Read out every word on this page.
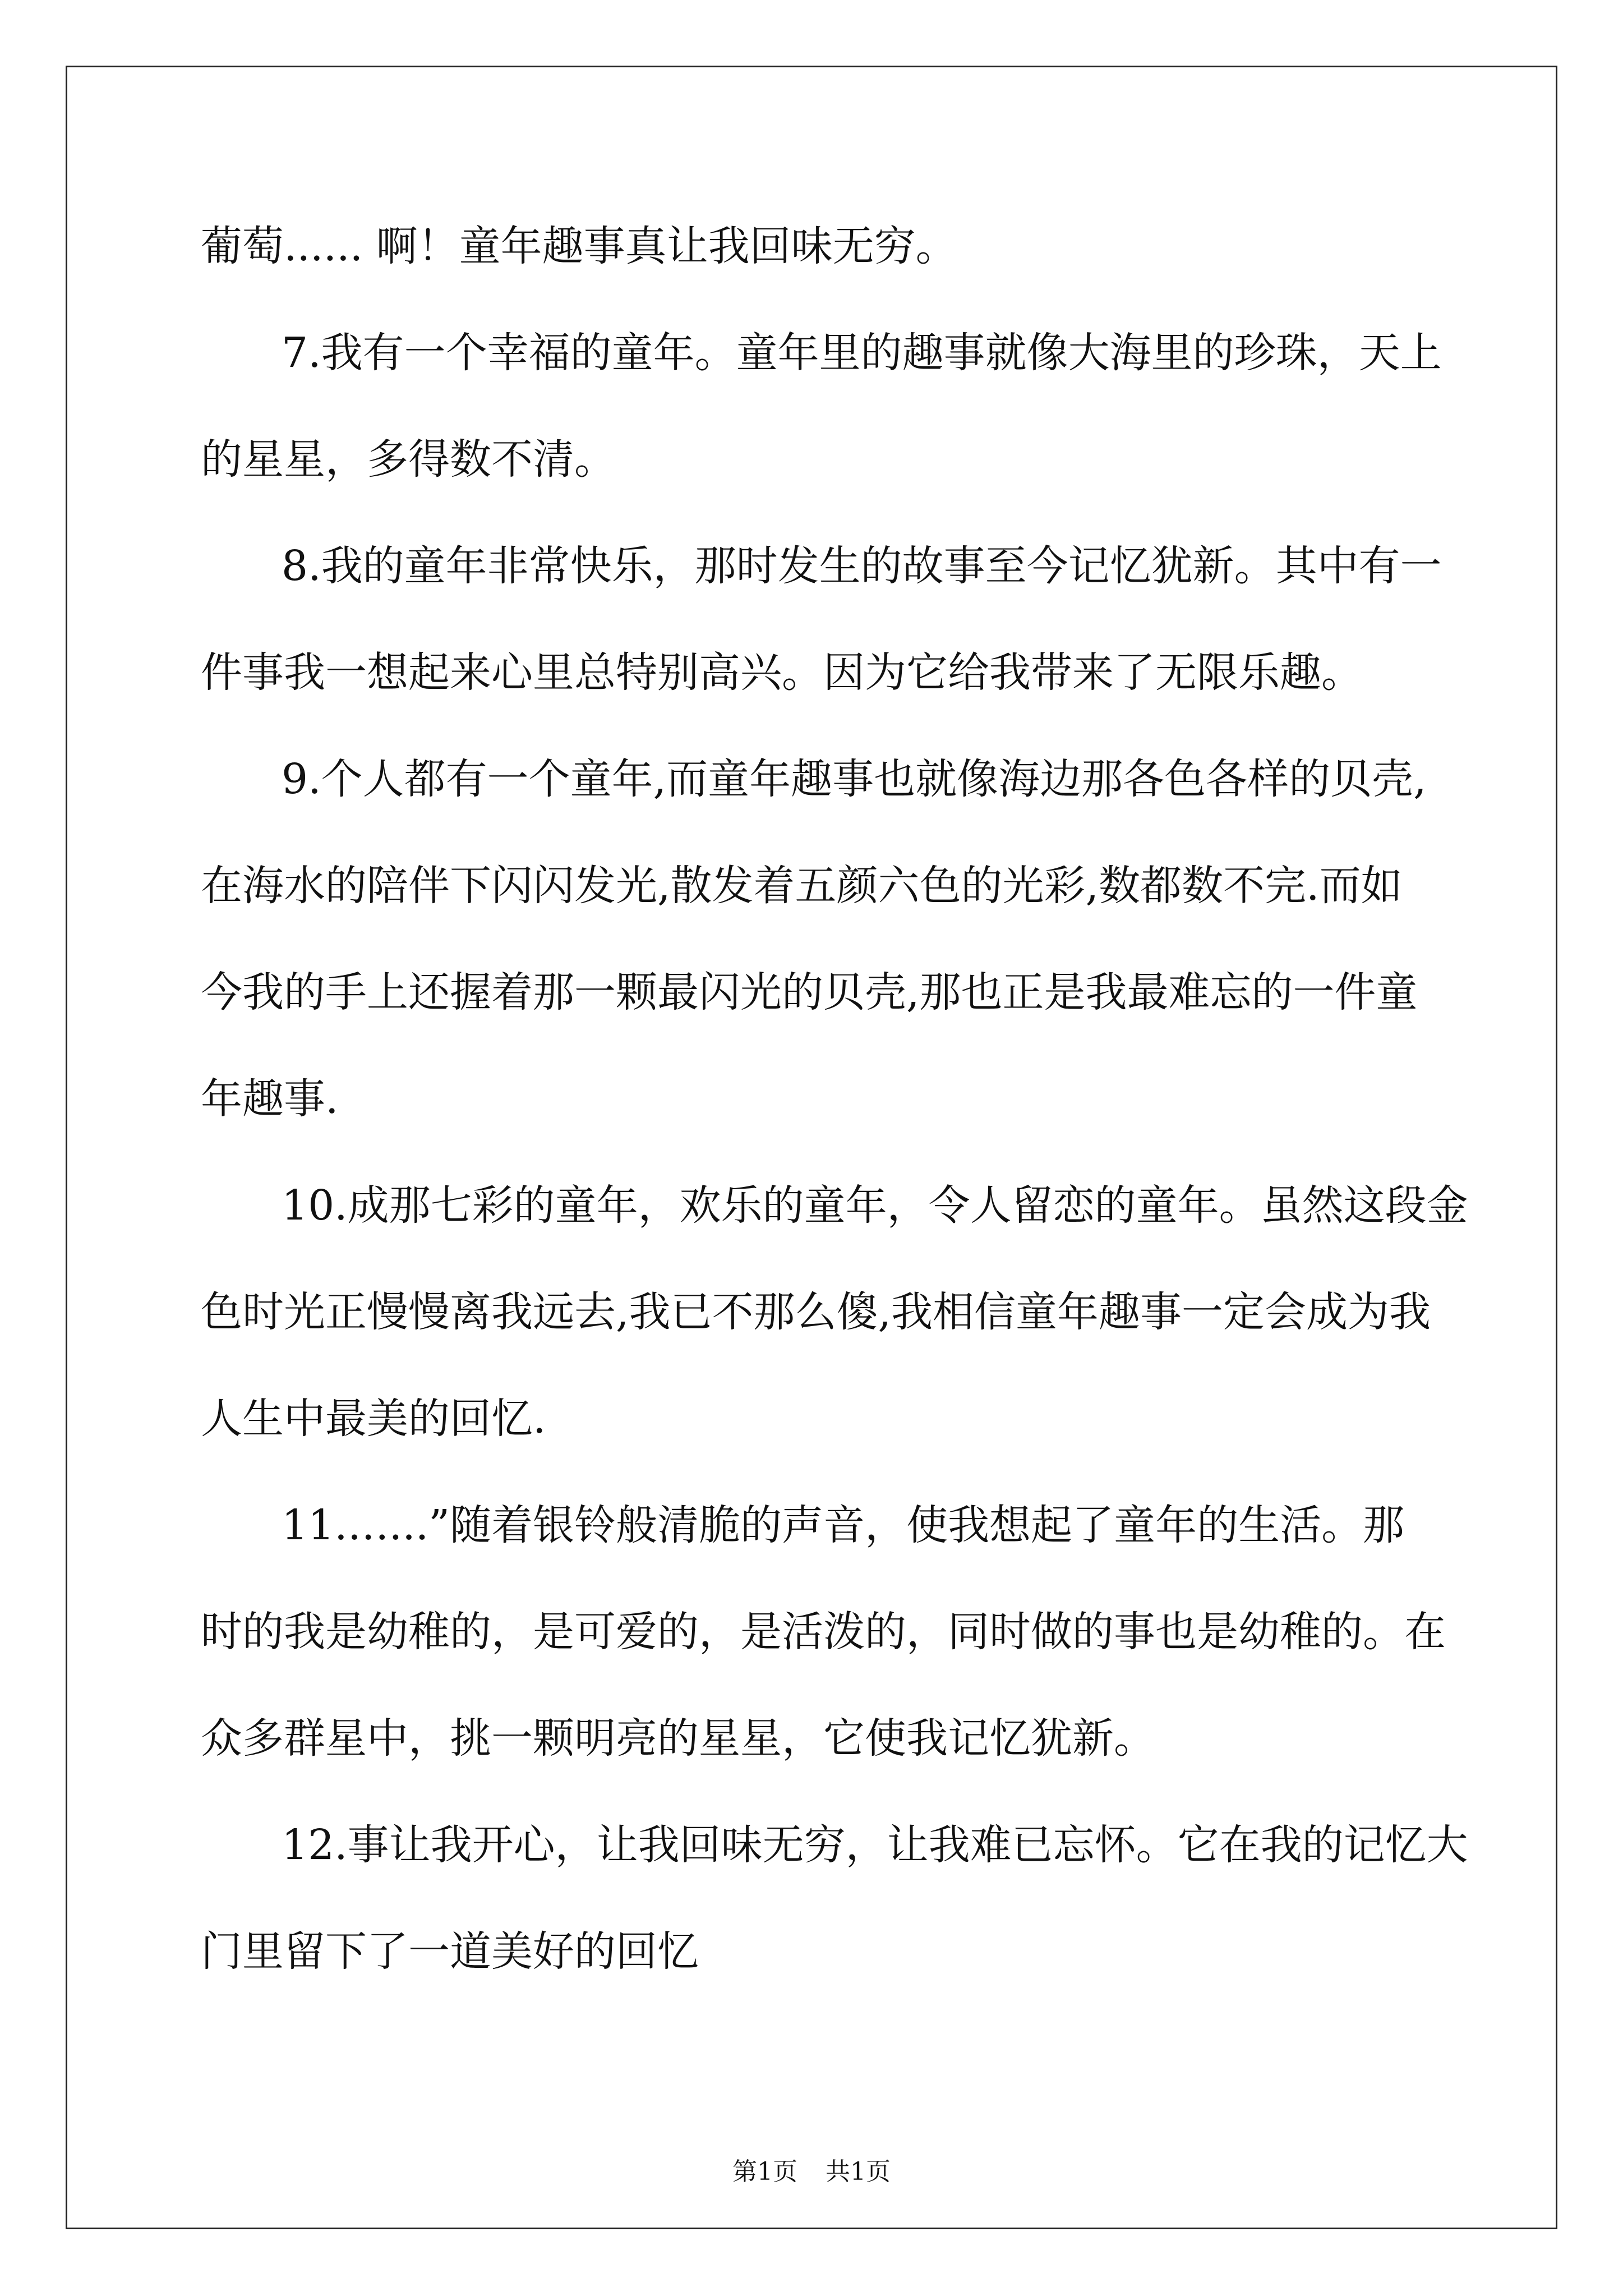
葡萄...... 啊！童年趣事真让我回味无穷。
7.我有一个幸福的童年。童年里的趣事就像大海里的珍珠，天上
的星星，多得数不清。
8.我的童年非常快乐，那时发生的故事至今记忆犹新。其中有一
件事我一想起来心里总特别高兴。因为它给我带来了无限乐趣。
9.个人都有一个童年,而童年趣事也就像海边那各色各样的贝壳,
在海水的陪伴下闪闪发光,散发着五颜六色的光彩,数都数不完.而如
今我的手上还握着那一颗最闪光的贝壳,那也正是我最难忘的一件童
年趣事.
10.成那七彩的童年，欢乐的童年，令人留恋的童年。虽然这段金
色时光正慢慢离我远去,我已不那么傻,我相信童年趣事一定会成为我
人生中最美的回忆.
11.…...”随着银铃般清脆的声音，使我想起了童年的生活。那
时的我是幼稚的，是可爱的，是活泼的，同时做的事也是幼稚的。在
众多群星中，挑一颗明亮的星星，它使我记忆犹新。
12.事让我开心，让我回味无穷，让我难已忘怀。它在我的记忆大
门里留下了一道美好的回忆
第1页 共1页
